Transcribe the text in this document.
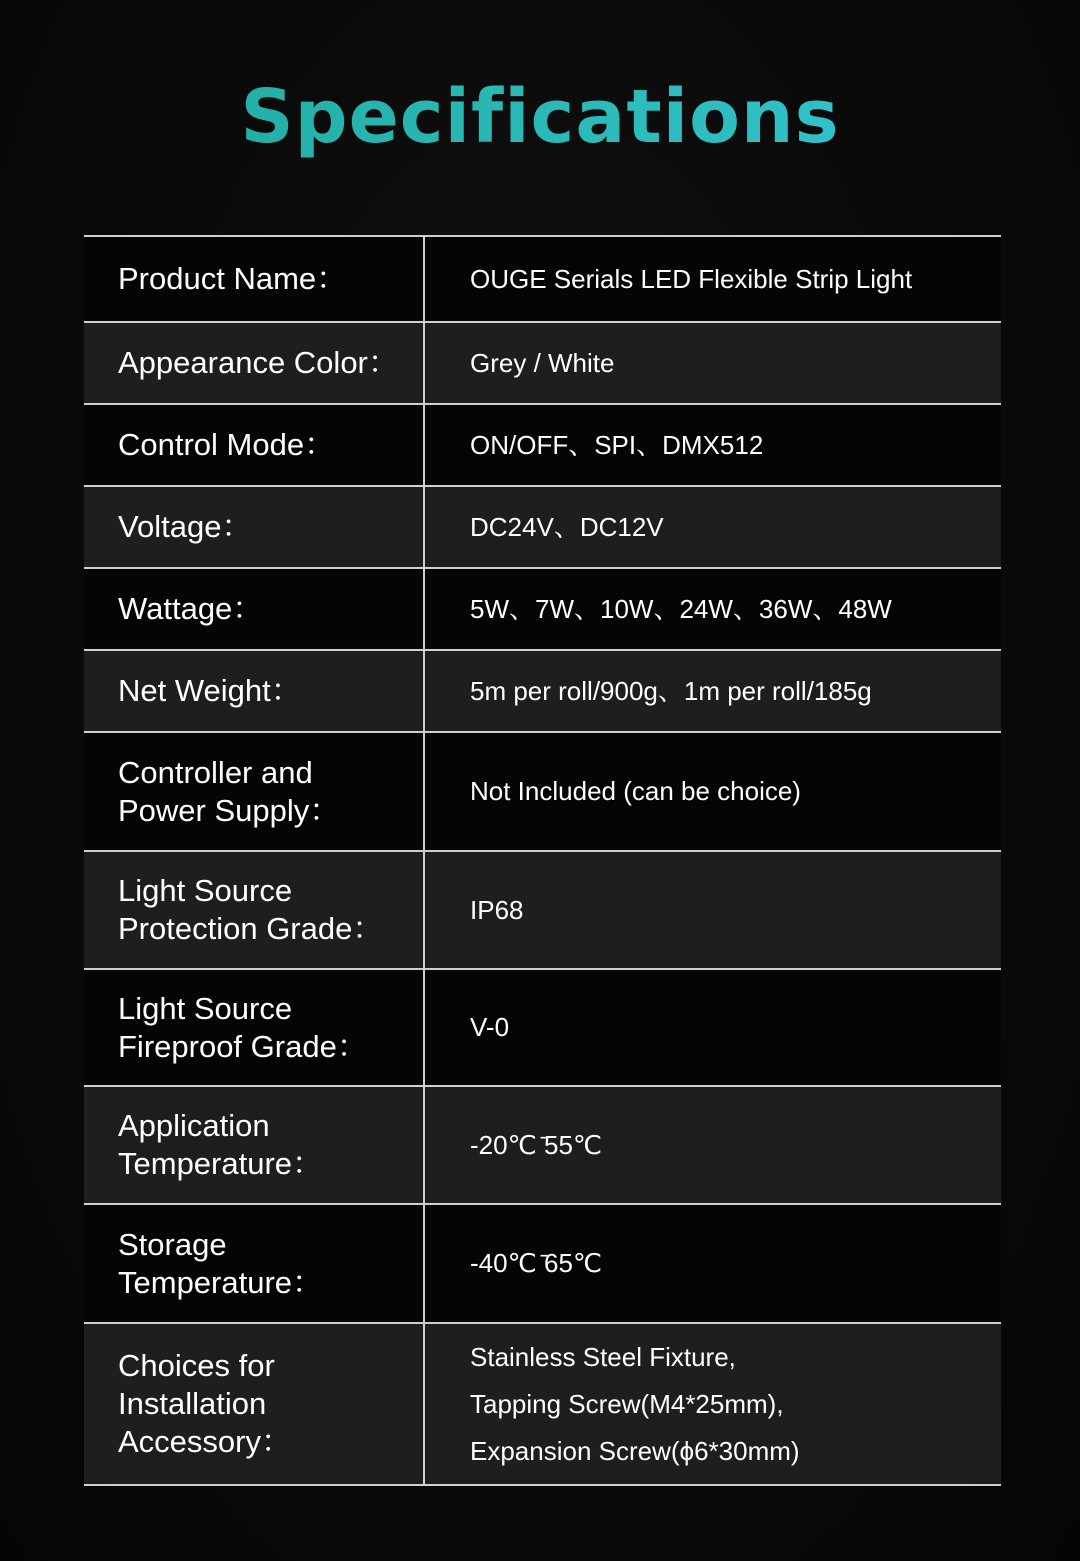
Specifications
Product Name：	OUGE Serials LED Flexible Strip Light
Appearance Color：	Grey / White
Control Mode：	ON/OFF、SPI、DMX512
Voltage：	DC24V、DC12V
Wattage：	5W、7W、10W、24W、36W、48W
Net Weight：	5m per roll/900g、1m per roll/185g
Controller and
Power Supply：
Not Included (can be choice)
Light Source
Protection Grade：
IP68
Light Source
Fireproof Grade：
V-0
Application
Temperature：
-20℃ ̄55℃
Storage
Temperature：
-40℃ ̄65℃
Choices for
Installation
Accessory：
Stainless Steel Fixture,
Tapping Screw(M4*25mm),
Expansion Screw(ϕ6*30mm)
